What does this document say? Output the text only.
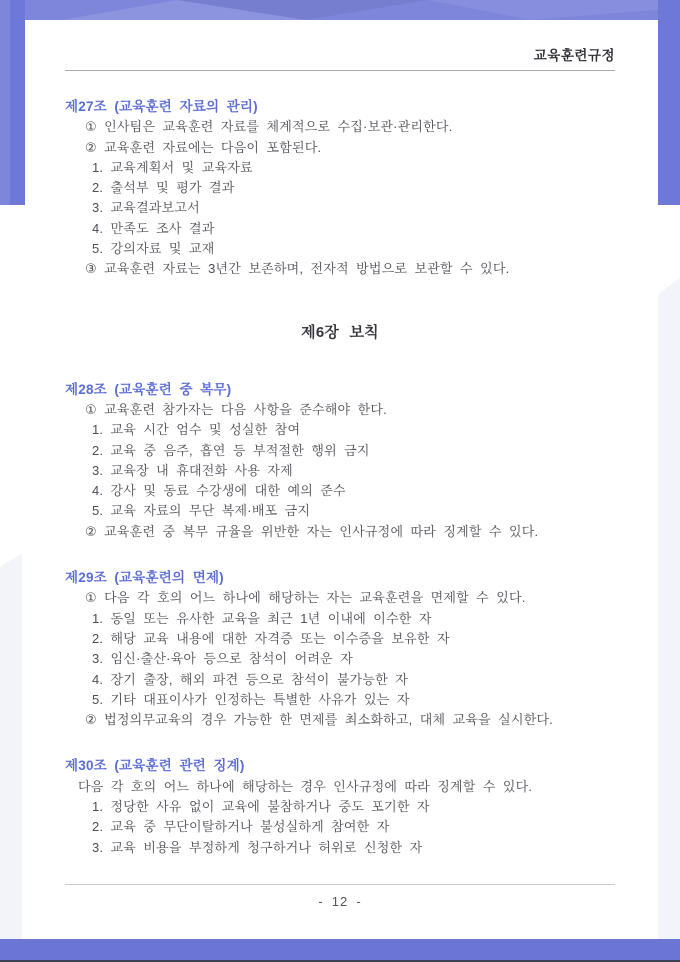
교육훈련규정
제27조 (교육훈련 자료의 관리)
① 인사팀은 교육훈련 자료를 체계적으로 수집·보관·관리한다.
② 교육훈련 자료에는 다음이 포함된다.
1. 교육계획서 및 교육자료
2. 출석부 및 평가 결과
3. 교육결과보고서
4. 만족도 조사 결과
5. 강의자료 및 교재
③ 교육훈련 자료는 3년간 보존하며, 전자적 방법으로 보관할 수 있다.
제6장 보칙
제28조 (교육훈련 중 복무)
① 교육훈련 참가자는 다음 사항을 준수해야 한다.
1. 교육 시간 엄수 및 성실한 참여
2. 교육 중 음주, 흡연 등 부적절한 행위 금지
3. 교육장 내 휴대전화 사용 자제
4. 강사 및 동료 수강생에 대한 예의 준수
5. 교육 자료의 무단 복제·배포 금지
② 교육훈련 중 복무 규율을 위반한 자는 인사규정에 따라 징계할 수 있다.
제29조 (교육훈련의 면제)
① 다음 각 호의 어느 하나에 해당하는 자는 교육훈련을 면제할 수 있다.
1. 동일 또는 유사한 교육을 최근 1년 이내에 이수한 자
2. 해당 교육 내용에 대한 자격증 또는 이수증을 보유한 자
3. 임신·출산·육아 등으로 참석이 어려운 자
4. 장기 출장, 해외 파견 등으로 참석이 불가능한 자
5. 기타 대표이사가 인정하는 특별한 사유가 있는 자
② 법정의무교육의 경우 가능한 한 면제를 최소화하고, 대체 교육을 실시한다.
제30조 (교육훈련 관련 징계)
다음 각 호의 어느 하나에 해당하는 경우 인사규정에 따라 징계할 수 있다.
1. 정당한 사유 없이 교육에 불참하거나 중도 포기한 자
2. 교육 중 무단이탈하거나 불성실하게 참여한 자
3. 교육 비용을 부정하게 청구하거나 허위로 신청한 자
- 12 -
